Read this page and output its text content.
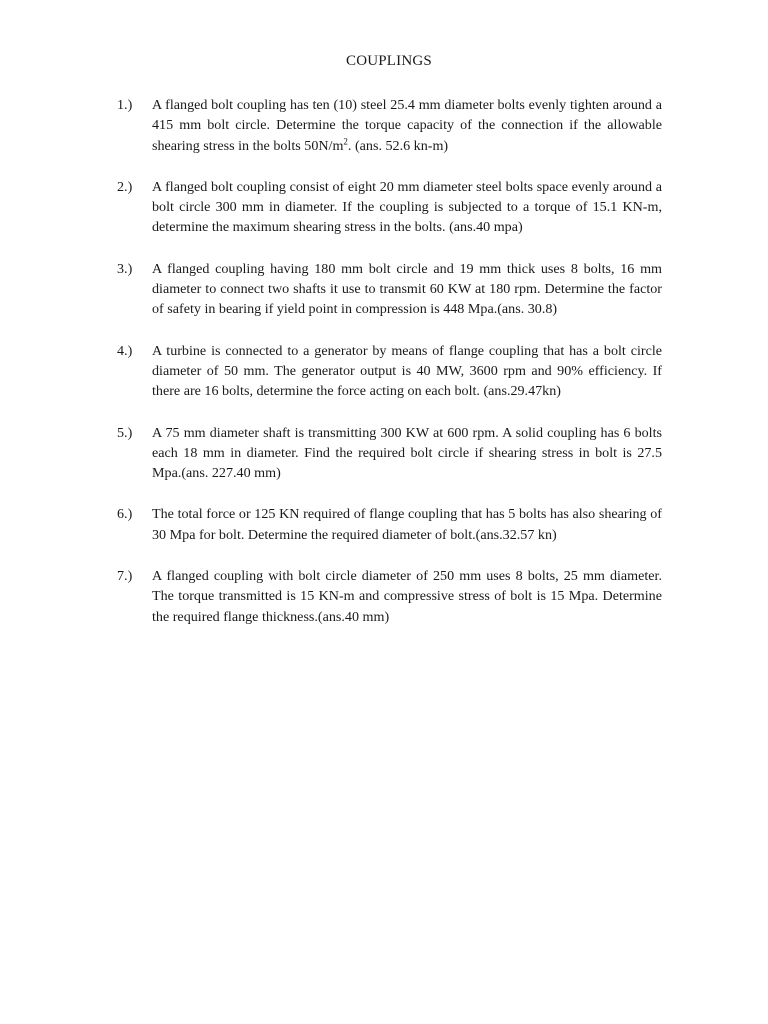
COUPLINGS
1.) A flanged bolt coupling has ten (10) steel 25.4 mm diameter bolts evenly tighten around a 415 mm bolt circle. Determine the torque capacity of the connection if the allowable shearing stress in the bolts $50N/m^2$. (ans. 52.6 kn-m)
2.) A flanged bolt coupling consist of eight 20 mm diameter steel bolts space evenly around a bolt circle 300 mm in diameter. If the coupling is subjected to a torque of 15.1 KN-m, determine the maximum shearing stress in the bolts. (ans.40 mpa)
3.) A flanged coupling having 180 mm bolt circle and 19 mm thick uses 8 bolts, 16 mm diameter to connect two shafts it use to transmit 60 KW at 180 rpm. Determine the factor of safety in bearing if yield point in compression is 448 Mpa.(ans. 30.8)
4.) A turbine is connected to a generator by means of flange coupling that has a bolt circle diameter of 50 mm. The generator output is 40 MW, 3600 rpm and 90% efficiency. If there are 16 bolts, determine the force acting on each bolt. (ans.29.47kn)
5.) A 75 mm diameter shaft is transmitting 300 KW at 600 rpm. A solid coupling has 6 bolts each 18 mm in diameter. Find the required bolt circle if shearing stress in bolt is 27.5 Mpa.(ans. 227.40 mm)
6.) The total force or 125 KN required of flange coupling that has 5 bolts has also shearing of 30 Mpa for bolt. Determine the required diameter of bolt.(ans.32.57 kn)
7.) A flanged coupling with bolt circle diameter of 250 mm uses 8 bolts, 25 mm diameter. The torque transmitted is 15 KN-m and compressive stress of bolt is 15 Mpa. Determine the required flange thickness.(ans.40 mm)
